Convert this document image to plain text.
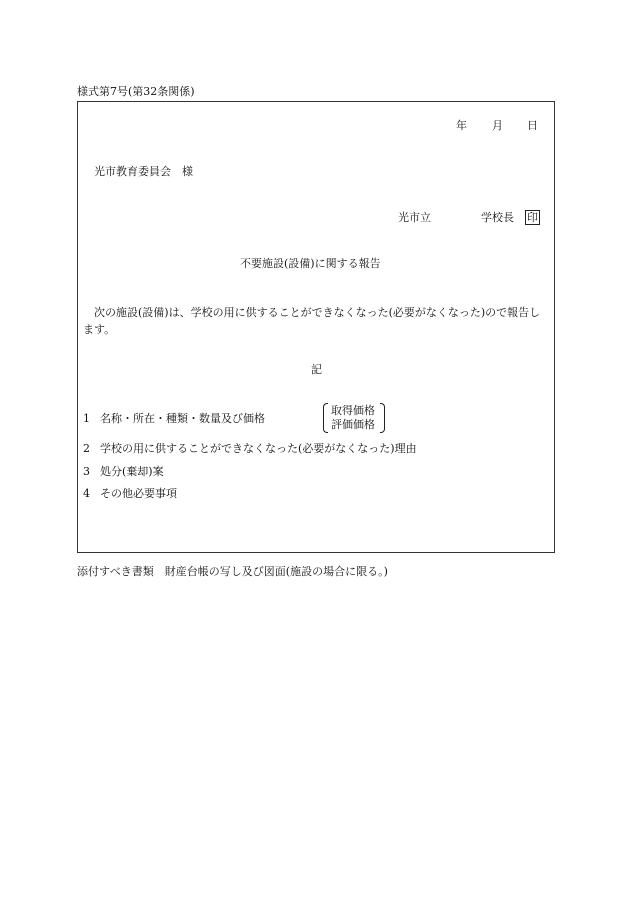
様式第7号(第32条関係)
年 月 日
光市教育委員会　様
光市立	学校長 印
不要施設(設備)に関する報告
　次の施設(設備)は、学校の用に供することができなくなった(必要がなくなった)ので報告します。
記
1 名称・所在・種類・数量及び価格
取得価格
評価価格
2 学校の用に供することができなくなった(必要がなくなった)理由
3 処分(棄却)案
4 その他必要事項
添付すべき書類　財産台帳の写し及び図面(施設の場合に限る。)
